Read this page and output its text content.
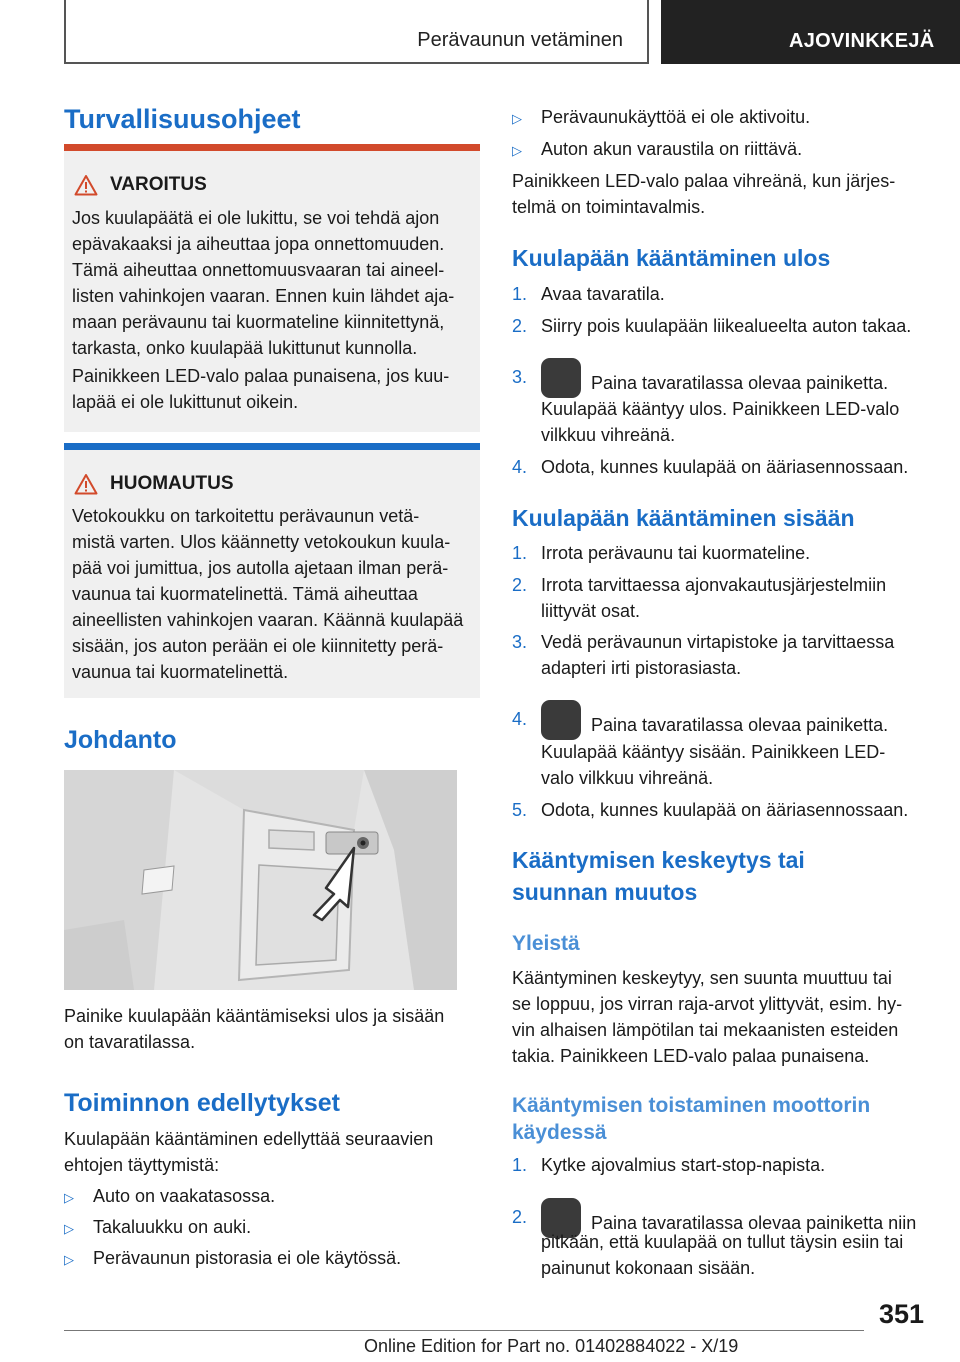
Perävaunun vetäminen	AJOVINKKEJÄ
Turvallisuusohjeet
VAROITUS
Jos kuulapäätä ei ole lukittu, se voi tehdä ajon
epävakaaksi ja aiheuttaa jopa onnettomuuden.
Tämä aiheuttaa onnettomuusvaaran tai aineel-
listen vahinkojen vaaran. Ennen kuin lähdet aja-
maan perävaunu tai kuormateline kiinnitettynä,
tarkasta, onko kuulapää lukittunut kunnolla.
Painikkeen LED-valo palaa punaisena, jos kuu-
lapää ei ole lukittunut oikein.
HUOMAUTUS
Vetokoukku on tarkoitettu perävaunun vetä-
mistä varten. Ulos käännetty vetokoukun kuula-
pää voi jumittua, jos autolla ajetaan ilman perä-
vaunua tai kuormatelinettä. Tämä aiheuttaa
aineellisten vahinkojen vaaran. Käännä kuulapää
sisään, jos auton perään ei ole kiinnitetty perä-
vaunua tai kuormatelinettä.
Johdanto
Painike kuulapään kääntämiseksi ulos ja sisään
on tavaratilassa.
Toiminnon edellytykset
Kuulapään kääntäminen edellyttää seuraavien
ehtojen täyttymistä:
▷ Auto on vaakatasossa.
▷ Takaluukku on auki.
▷ Perävaunun pistorasia ei ole käytössä.
▷ Perävaunukäyttöä ei ole aktivoitu.
▷ Auton akun varaustila on riittävä.
Painikkeen LED-valo palaa vihreänä, kun järjes-
telmä on toimintavalmis.
Kuulapään kääntäminen ulos
1. Avaa tavaratila.
2. Siirry pois kuulapään liikealueelta auton takaa.
3.	Paina tavaratilassa olevaa painiketta.
Kuulapää kääntyy ulos. Painikkeen LED-valo
vilkkuu vihreänä.
4. Odota, kunnes kuulapää on ääriasennossaan.
Kuulapään kääntäminen sisään
1. Irrota perävaunu tai kuormateline.
2. Irrota tarvittaessa ajonvakautusjärjestelmiin
liittyvät osat.
3. Vedä perävaunun virtapistoke ja tarvittaessa
adapteri irti pistorasiasta.
4.	Paina tavaratilassa olevaa painiketta.
Kuulapää kääntyy sisään. Painikkeen LED-
valo vilkkuu vihreänä.
5. Odota, kunnes kuulapää on ääriasennossaan.
Kääntymisen keskeytys tai
suunnan muutos
Yleistä
Kääntyminen keskeytyy, sen suunta muuttuu tai
se loppuu, jos virran raja-arvot ylittyvät, esim. hy-
vin alhaisen lämpötilan tai mekaanisten esteiden
takia. Painikkeen LED-valo palaa punaisena.
Kääntymisen toistaminen moottorin
käydessä
1. Kytke ajovalmius start-stop-napista.
2.	Paina tavaratilassa olevaa painiketta niin
pitkään, että kuulapää on tullut täysin esiin tai
painunut kokonaan sisään.
351
Online Edition for Part no. 01402884022 - X/19
